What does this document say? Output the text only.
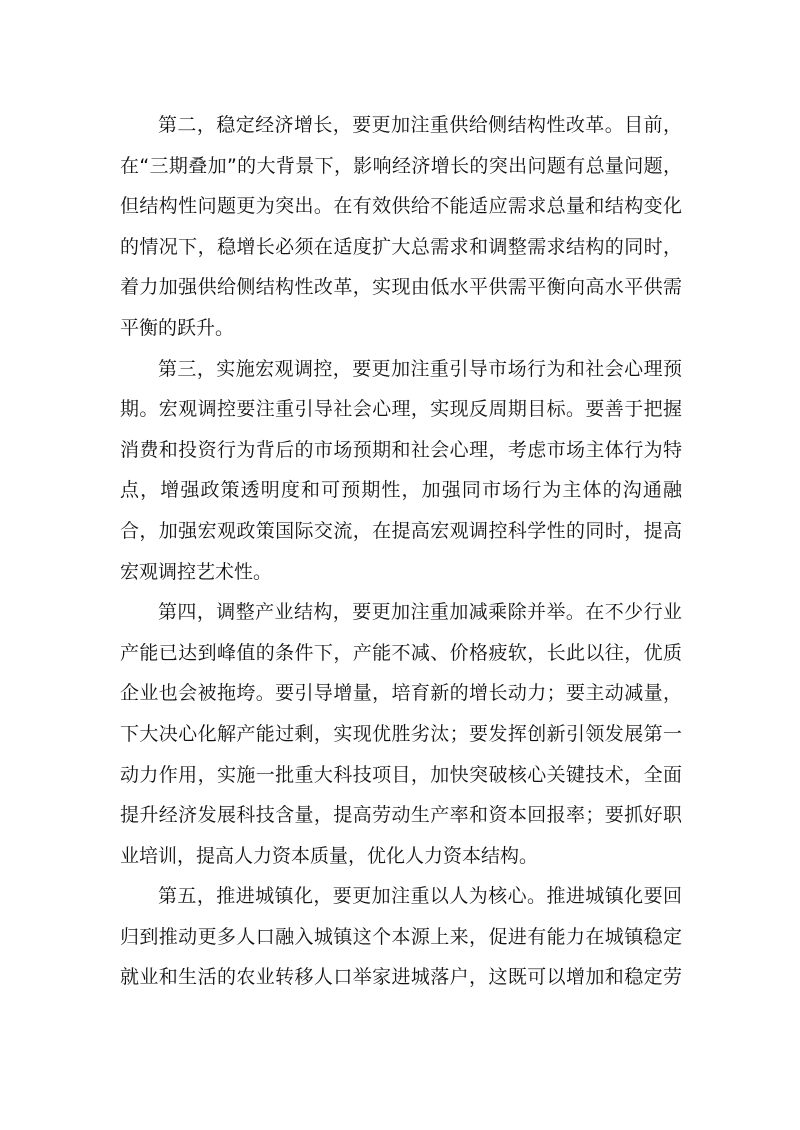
第二，稳定经济增长，要更加注重供给侧结构性改革。目前，
在“三期叠加”的大背景下，影响经济增长的突出问题有总量问题，
但结构性问题更为突出。在有效供给不能适应需求总量和结构变化
的情况下，稳增长必须在适度扩大总需求和调整需求结构的同时，
着力加强供给侧结构性改革，实现由低水平供需平衡向高水平供需
平衡的跃升。

第三，实施宏观调控，要更加注重引导市场行为和社会心理预
期。宏观调控要注重引导社会心理，实现反周期目标。要善于把握
消费和投资行为背后的市场预期和社会心理，考虑市场主体行为特
点，增强政策透明度和可预期性，加强同市场行为主体的沟通融
合，加强宏观政策国际交流，在提高宏观调控科学性的同时，提高
宏观调控艺术性。

第四，调整产业结构，要更加注重加减乘除并举。在不少行业
产能已达到峰值的条件下，产能不减、价格疲软，长此以往，优质
企业也会被拖垮。要引导增量，培育新的增长动力；要主动减量，
下大决心化解产能过剩，实现优胜劣汰；要发挥创新引领发展第一
动力作用，实施一批重大科技项目，加快突破核心关键技术，全面
提升经济发展科技含量，提高劳动生产率和资本回报率；要抓好职
业培训，提高人力资本质量，优化人力资本结构。

第五，推进城镇化，要更加注重以人为核心。推进城镇化要回
归到推动更多人口融入城镇这个本源上来，促进有能力在城镇稳定
就业和生活的农业转移人口举家进城落户，这既可以增加和稳定劳
